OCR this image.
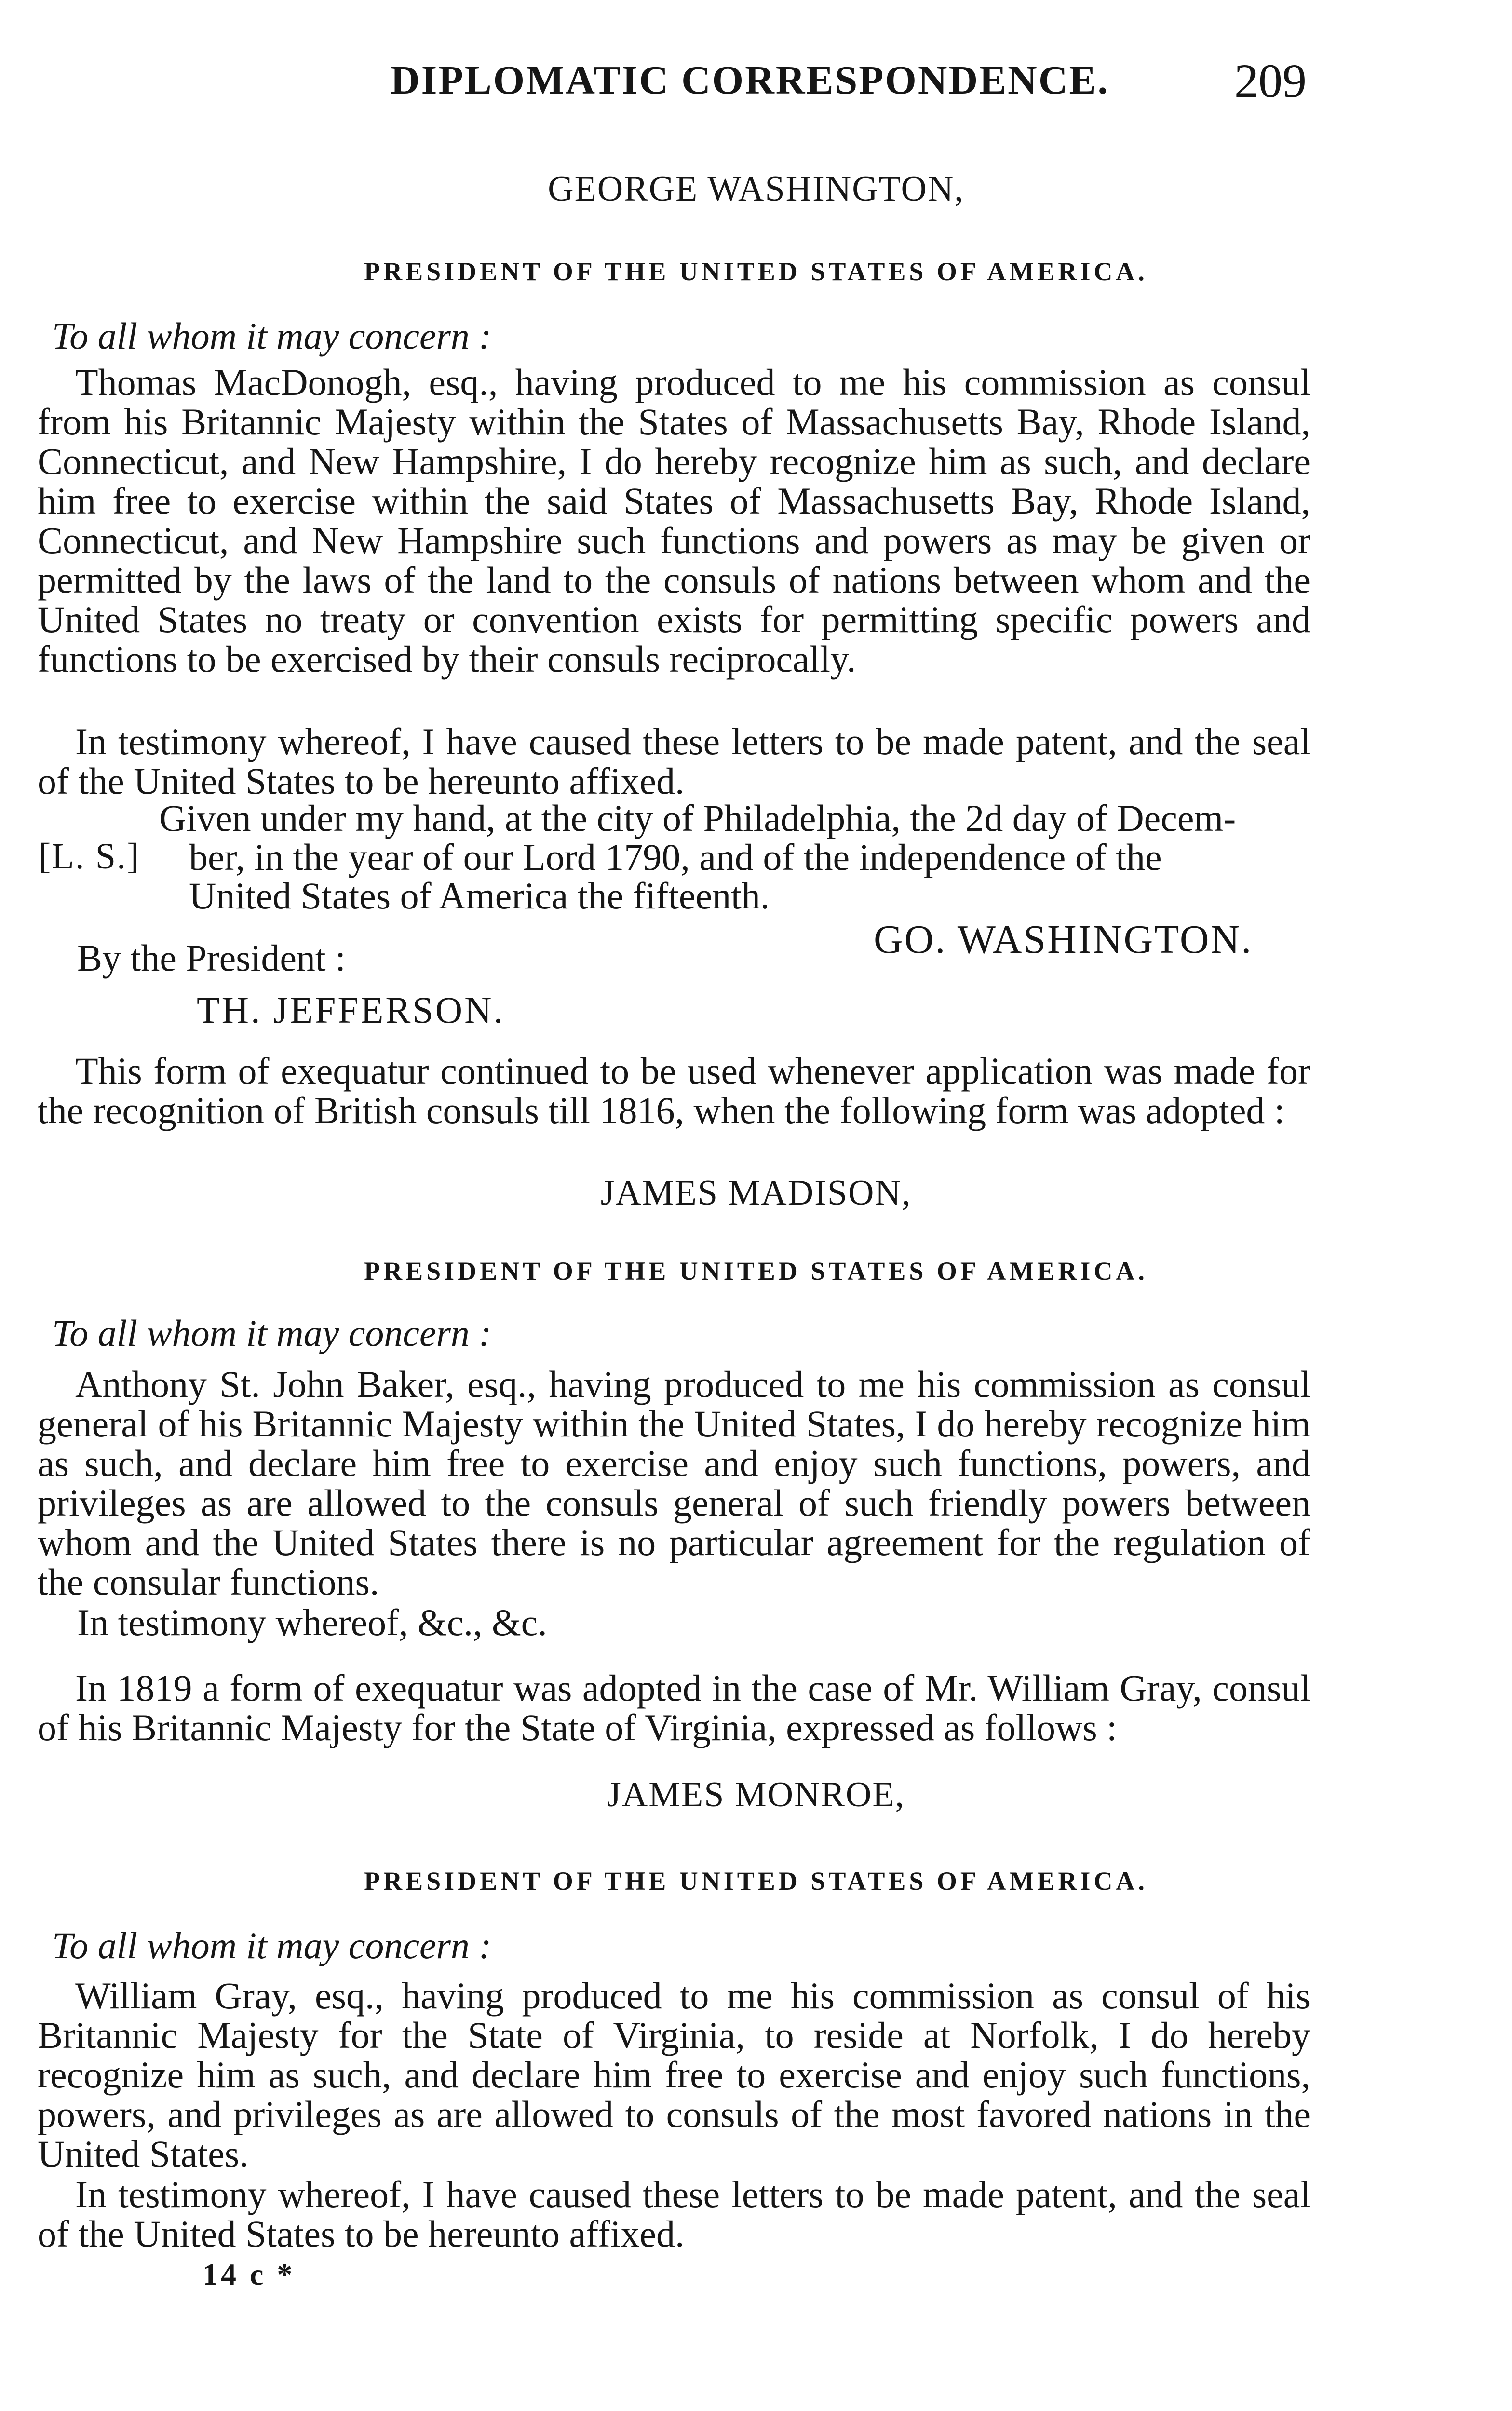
DIPLOMATIC CORRESPONDENCE.	209
GEORGE WASHINGTON,
PRESIDENT OF THE UNITED STATES OF AMERICA.
To all whom it may concern :

Thomas MacDonogh, esq., having produced to me his commission as consul from his Britannic Majesty within the States of Massachusetts Bay, Rhode Island, Connecticut, and New Hampshire, I do hereby recognize him as such, and declare him free to exercise within the said States of Massachusetts Bay, Rhode Island, Connecticut, and New Hampshire such functions and powers as may be given or permitted by the laws of the land to the consuls of nations between whom and the United States no treaty or convention exists for permitting specific powers and functions to be exercised by their consuls reciprocally.

In testimony whereof, I have caused these letters to be made patent, and the seal of the United States to be hereunto affixed.

Given under my hand, at the city of Philadelphia, the 2d day of Decem-
[L. S.] ber, in the year of our Lord 1790, and of the independence of the
United States of America the fifteenth.
GO. WASHINGTON.
By the President :
TH. JEFFERSON.

This form of exequatur continued to be used whenever application was made for the recognition of British consuls till 1816, when the following form was adopted :

JAMES MADISON,
PRESIDENT OF THE UNITED STATES OF AMERICA.
To all whom it may concern :

Anthony St. John Baker, esq., having produced to me his commission as consul general of his Britannic Majesty within the United States, I do hereby recognize him as such, and declare him free to exercise and enjoy such functions, powers, and privileges as are allowed to the consuls general of such friendly powers between whom and the United States there is no particular agreement for the regulation of the consular functions.

In testimony whereof, &c., &c.

In 1819 a form of exequatur was adopted in the case of Mr. William Gray, consul of his Britannic Majesty for the State of Virginia, expressed as follows :

JAMES MONROE,
PRESIDENT OF THE UNITED STATES OF AMERICA.
To all whom it may concern :

William Gray, esq., having produced to me his commission as consul of his Britannic Majesty for the State of Virginia, to reside at Norfolk, I do hereby recognize him as such, and declare him free to exercise and enjoy such functions, powers, and privileges as are allowed to consuls of the most favored nations in the United States.

In testimony whereof, I have caused these letters to be made patent, and the seal of the United States to be hereunto affixed.

14 c *
